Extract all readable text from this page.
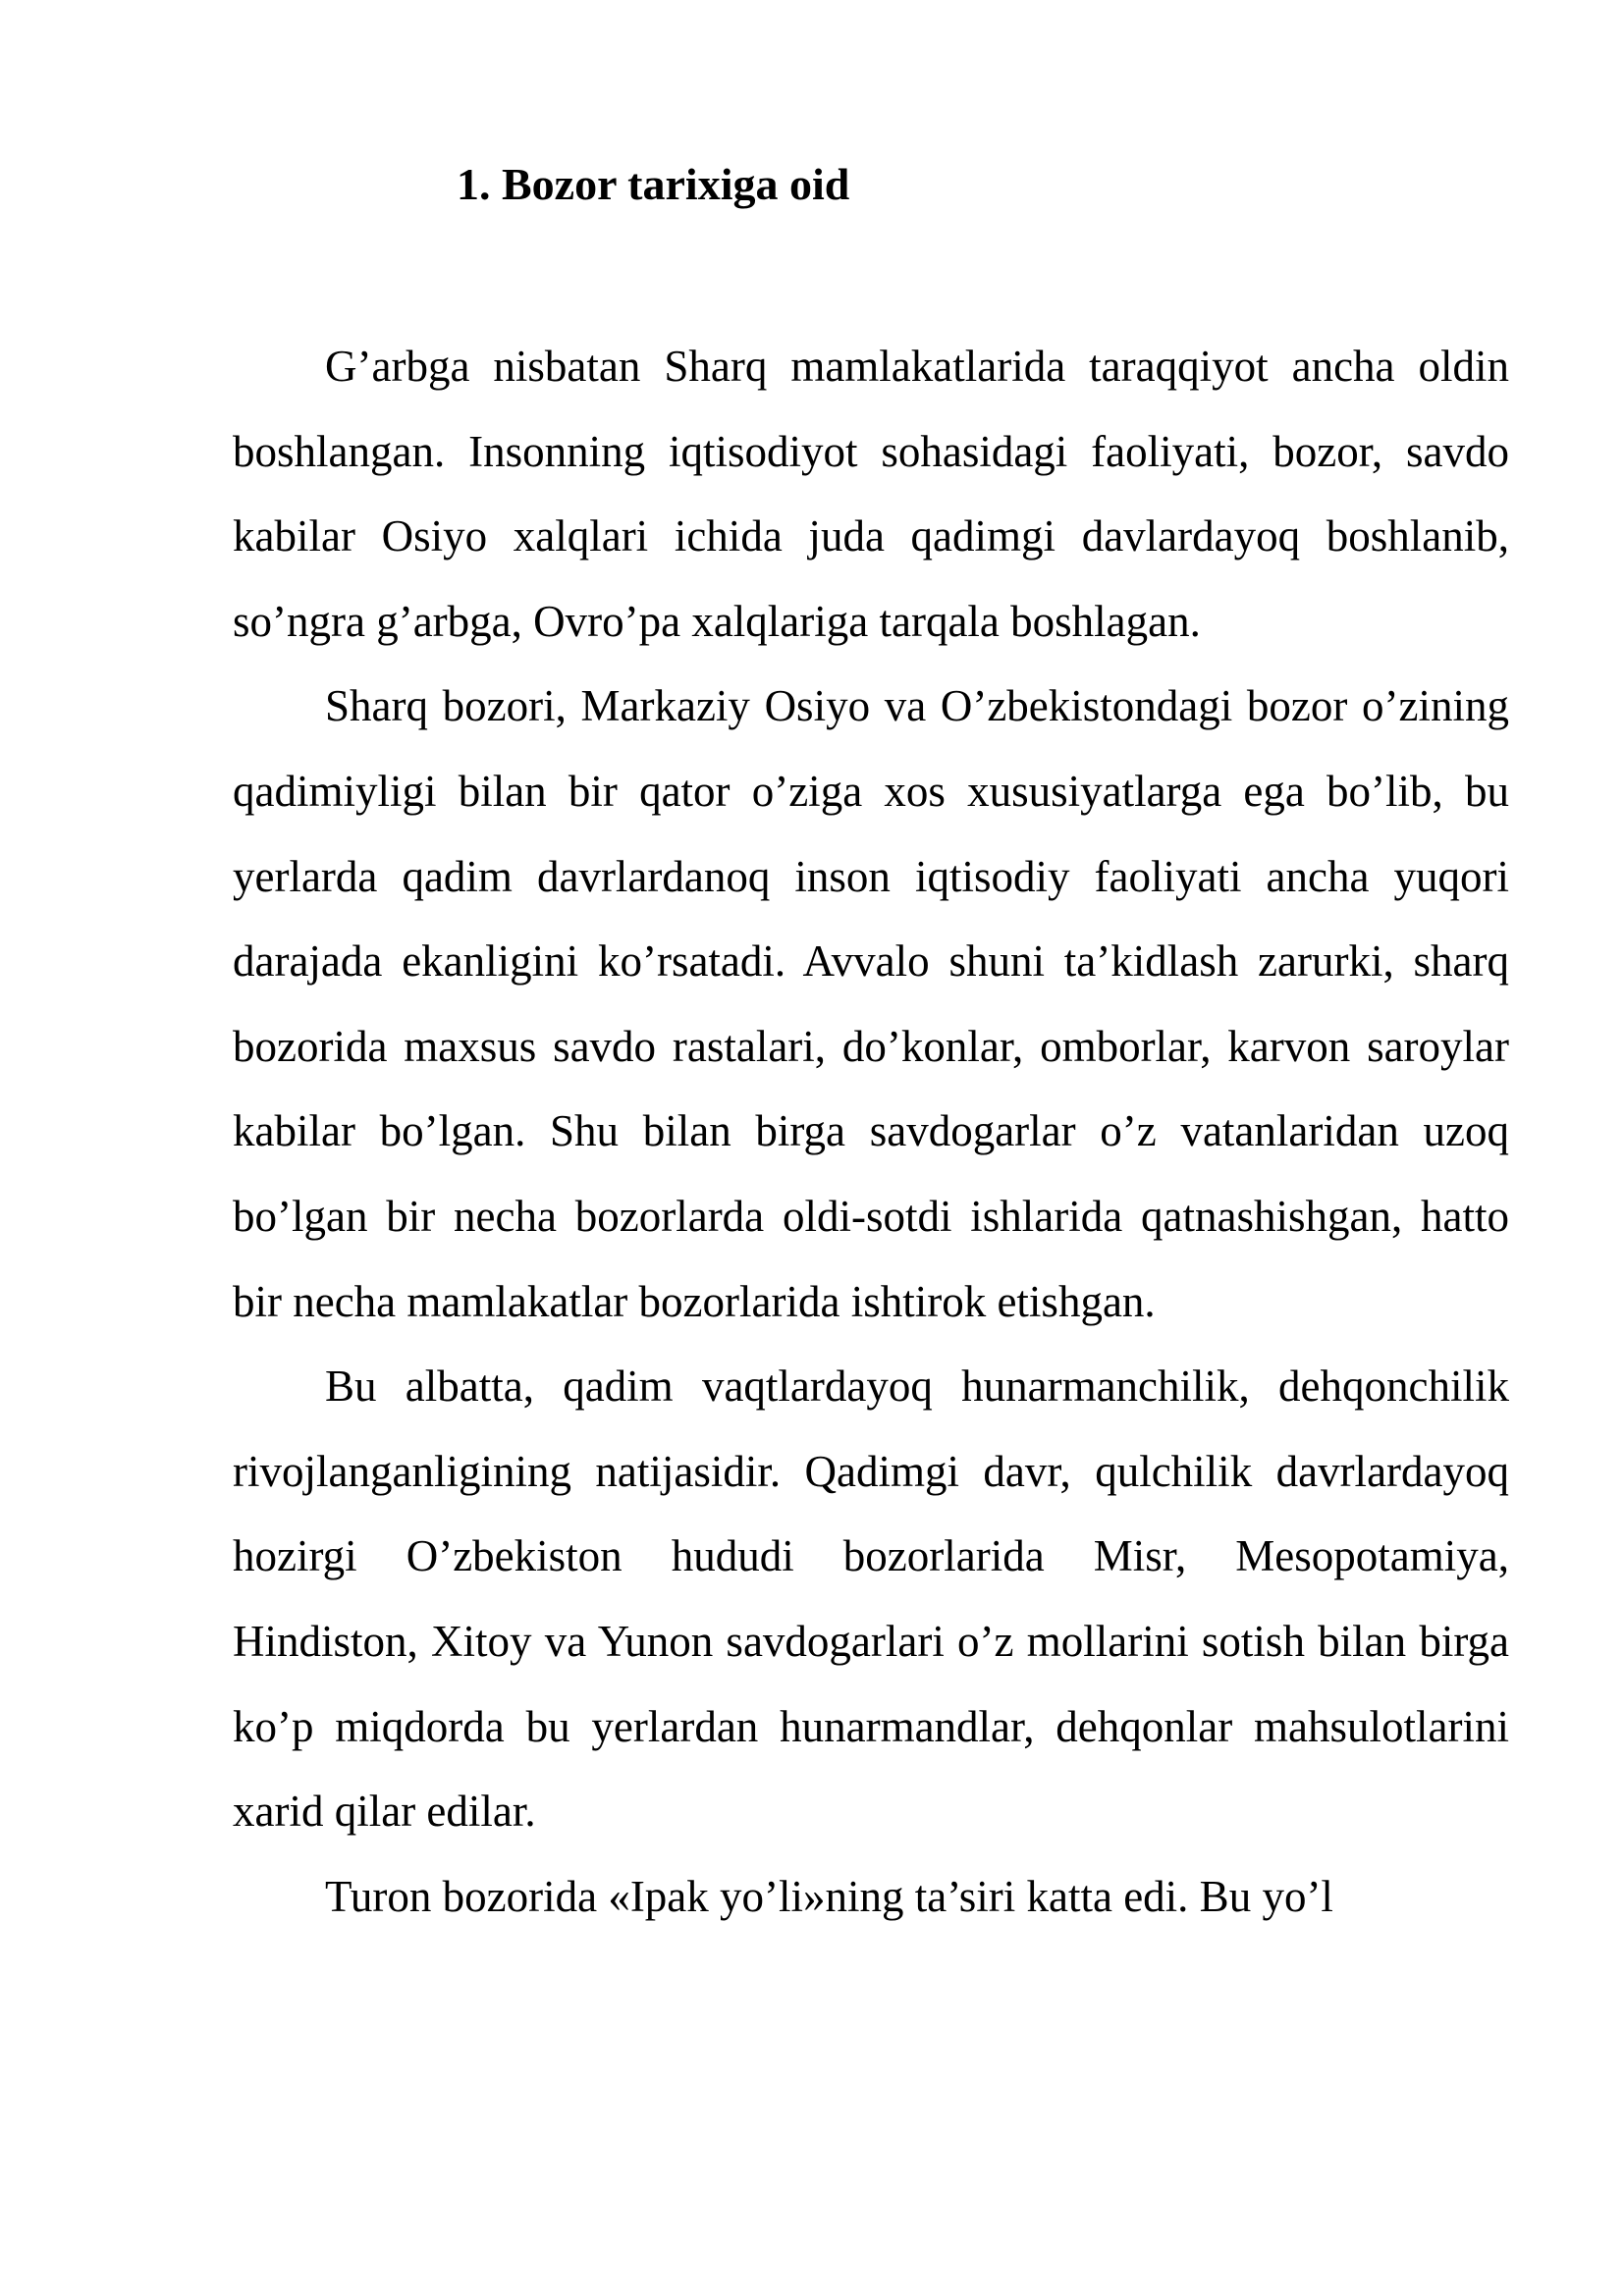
1. Bozor tarixiga oid

G’arbga nisbatan Sharq mamlakatlarida taraqqiyot ancha oldin boshlangan. Insonning iqtisodiyot sohasidagi faoliyati, bozor, savdo kabilar Osiyo xalqlari ichida juda qadimgi davlardayoq boshlanib, so’ngra g’arbga, Ovro’pa xalqlariga tarqala boshlagan.

Sharq bozori, Markaziy Osiyo va O’zbekistondagi bozor o’zining qadimiyligi bilan bir qator o’ziga xos xususiyatlarga ega bo’lib, bu yerlarda qadim davrlardanoq inson iqtisodiy faoliyati ancha yuqori darajada ekanligini ko’rsatadi. Avvalo shuni ta’kidlash zarurki, sharq bozorida maxsus savdo rastalari, do’konlar, omborlar, karvon saroylar kabilar bo’lgan. Shu bilan birga savdogarlar o’z vatanlaridan uzoq bo’lgan bir necha bozorlarda oldi-sotdi ishlarida qatnashishgan, hatto bir necha mamlakatlar bozorlarida ishtirok etishgan.

Bu albatta, qadim vaqtlardayoq hunarmanchilik, dehqonchilik rivojlanganligining natijasidir. Qadimgi davr, qulchilik davrlardayoq hozirgi O’zbekiston hududi bozorlarida Misr, Mesopotamiya, Hindiston, Xitoy va Yunon savdogarlari o’z mollarini sotish bilan birga ko’p miqdorda bu yerlardan hunarmandlar, dehqonlar mahsulotlarini xarid qilar edilar.

Turon bozorida «Ipak yo’li»ning ta’siri katta edi. Bu yo’l
